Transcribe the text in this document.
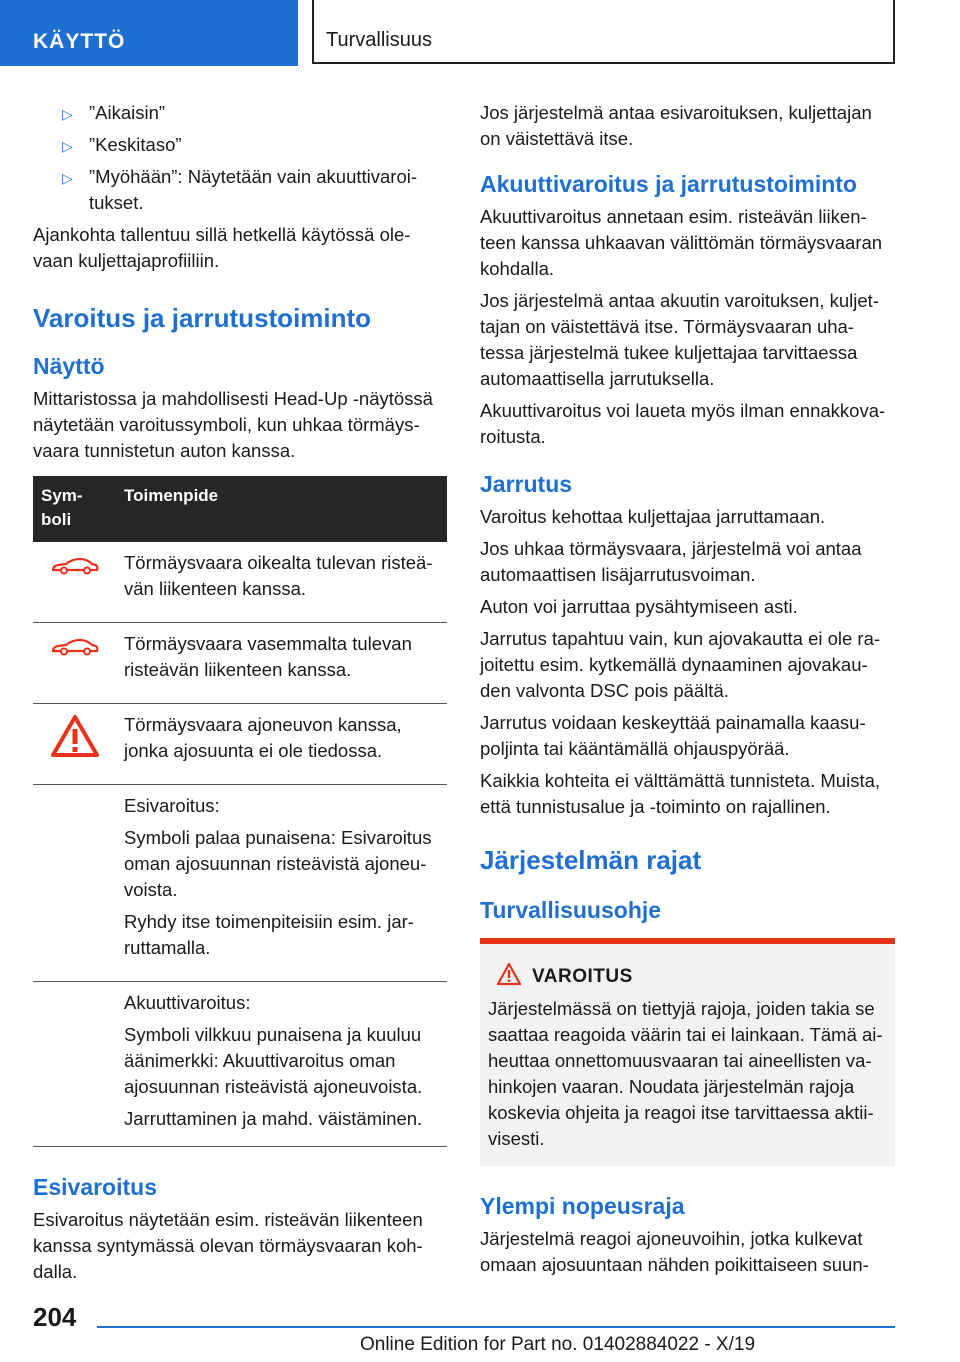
KÄYTTÖ	Turvallisuus
▷ ”Aikaisin”
▷ ”Keskitaso”
▷ ”Myöhään”: Näytetään vain akuuttivaroi-tukset.

Ajankohta tallentuu sillä hetkellä käytössä ole-vaan kuljettajaprofiiliin.

Varoitus ja jarrutustoiminto
Näyttö

Mittaristossa ja mahdollisesti Head-Up -näytössä näytetään varoitussymboli, kun uhkaa törmäys-vaara tunnistetun auton kanssa.

Sym-boli	Toimenpide

Törmäysvaara oikealta tulevan risteä-vän liikenteen kanssa.

Törmäysvaara vasemmalta tulevan risteävän liikenteen kanssa.

Törmäysvaara ajoneuvon kanssa, jonka ajosuunta ei ole tiedossa.

	Esivaroitus:

Symboli palaa punaisena: Esivaroitus oman ajosuunnan risteävistä ajoneu-voista.

Ryhdy itse toimenpiteisiin esim. jar-ruttamalla.

	Akuuttivaroitus:

Symboli vilkkuu punaisena ja kuuluu äänimerkki: Akuuttivaroitus oman ajosuunnan risteävistä ajoneuvoista.

Jarruttaminen ja mahd. väistäminen.

Esivaroitus

Esivaroitus näytetään esim. risteävän liikenteen kanssa syntymässä olevan törmäysvaaran koh-dalla.

Jos järjestelmä antaa esivaroituksen, kuljettajan on väistettävä itse.

Akuuttivaroitus ja jarrutustoiminto

Akuuttivaroitus annetaan esim. risteävän liiken-teen kanssa uhkaavan välittömän törmäysvaaran kohdalla.

Jos järjestelmä antaa akuutin varoituksen, kuljet-tajan on väistettävä itse. Törmäysvaaran uha-tessa järjestelmä tukee kuljettajaa tarvittaessa automaattisella jarrutuksella.

Akuuttivaroitus voi laueta myös ilman ennakkova-roitusta.

Jarrutus

Varoitus kehottaa kuljettajaa jarruttamaan.

Jos uhkaa törmäysvaara, järjestelmä voi antaa automaattisen lisäjarrutusvoiman.

Auton voi jarruttaa pysähtymiseen asti.

Jarrutus tapahtuu vain, kun ajovakautta ei ole ra-joitettu esim. kytkemällä dynaaminen ajovakau-den valvonta DSC pois päältä.

Jarrutus voidaan keskeyttää painamalla kaasu-poljinta tai kääntämällä ohjauspyörää.

Kaikkia kohteita ei välttämättä tunnisteta. Muista, että tunnistusalue ja -toiminto on rajallinen.

Järjestelmän rajat
Turvallisuusohje
VAROITUS

Järjestelmässä on tiettyjä rajoja, joiden takia se saattaa reagoida väärin tai ei lainkaan. Tämä ai-heuttaa onnettomuusvaaran tai aineellisten va-hinkojen vaaran. Noudata järjestelmän rajoja koskevia ohjeita ja reagoi itse tarvittaessa aktii-visesti.

Ylempi nopeusraja

Järjestelmä reagoi ajoneuvoihin, jotka kulkevat omaan ajosuuntaan nähden poikittaiseen suun-

204
Online Edition for Part no. 01402884022 - X/19
